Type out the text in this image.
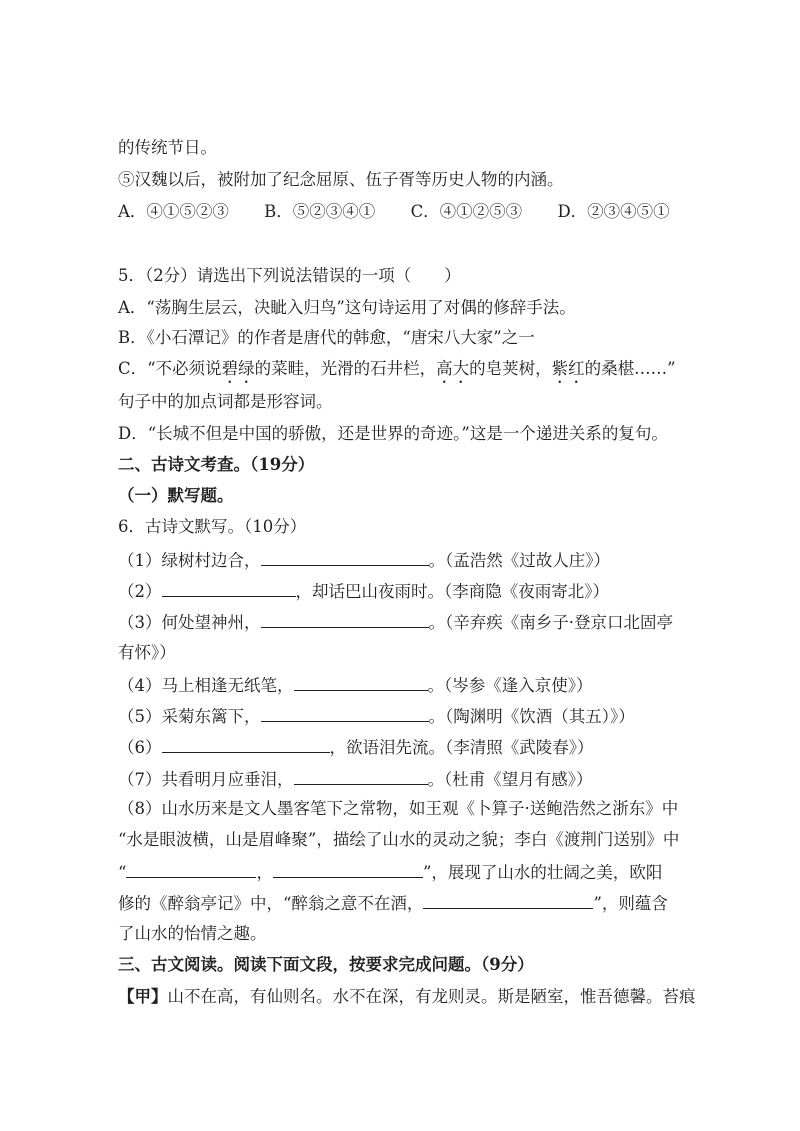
的传统节日。
⑤汉魏以后，被附加了纪念屈原、伍子胥等历史人物的内涵。
A．④①⑤②③ B．⑤②③④① C．④①②⑤③ D．②③④⑤①
5．（2分）请选出下列说法错误的一项（　　）
A．“荡胸生层云，决眦入归鸟”这句诗运用了对偶的修辞手法。
B．《小石潭记》的作者是唐代的韩愈，“唐宋八大家”之一
C．“不必须说碧绿的菜畦，光滑的石井栏，高大的皂荚树，紫红的桑椹……”
句子中的加点词都是形容词。
D．“长城不但是中国的骄傲，还是世界的奇迹。”这是一个递进关系的复句。
二、古诗文考查。（19分）
（一）默写题。
6．古诗文默写。（10分）
（1）绿树村边合，	。（孟浩然《过故人庄》）
（2）	，却话巴山夜雨时。（李商隐《夜雨寄北》）
（3）何处望神州，	。（辛弃疾《南乡子·登京口北固亭
有怀》）
（4）马上相逢无纸笔，	。（岑参《逢入京使》）
（5）采菊东篱下，	。（陶渊明《饮酒（其五）》）
（6）	，欲语泪先流。（李清照《武陵春》）
（7）共看明月应垂泪，	。（杜甫《望月有感》）
（8）山水历来是文人墨客笔下之常物，如王观《卜算子·送鲍浩然之浙东》中
“水是眼波横，山是眉峰聚”，描绘了山水的灵动之貌；李白《渡荆门送别》中
“	，	”，展现了山水的壮阔之美，欧阳
修的《醉翁亭记》中，“醉翁之意不在酒，	”，则蕴含
了山水的怡情之趣。
三、古文阅读。阅读下面文段，按要求完成问题。（9分）
【甲】山不在高，有仙则名。水不在深，有龙则灵。斯是陋室，惟吾德馨。苔痕
